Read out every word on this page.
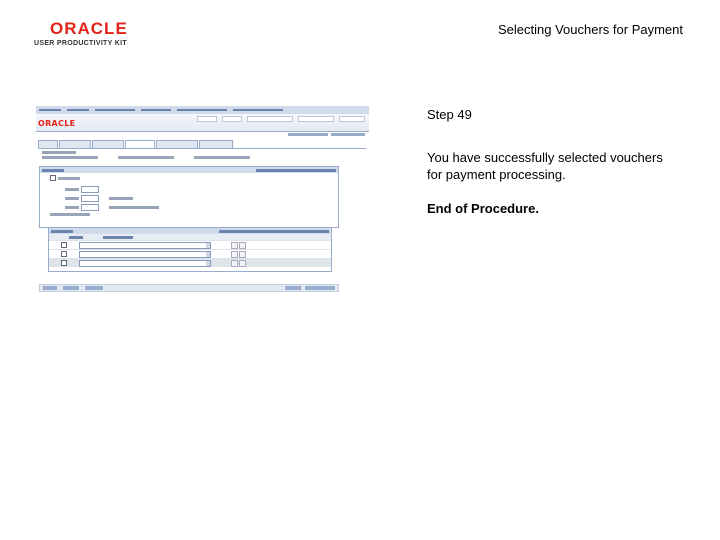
ORACLE
USER PRODUCTIVITY KIT
Selecting Vouchers for Payment
ORACLE
Step 49
You have successfully selected vouchers for payment processing.
End of Procedure.
